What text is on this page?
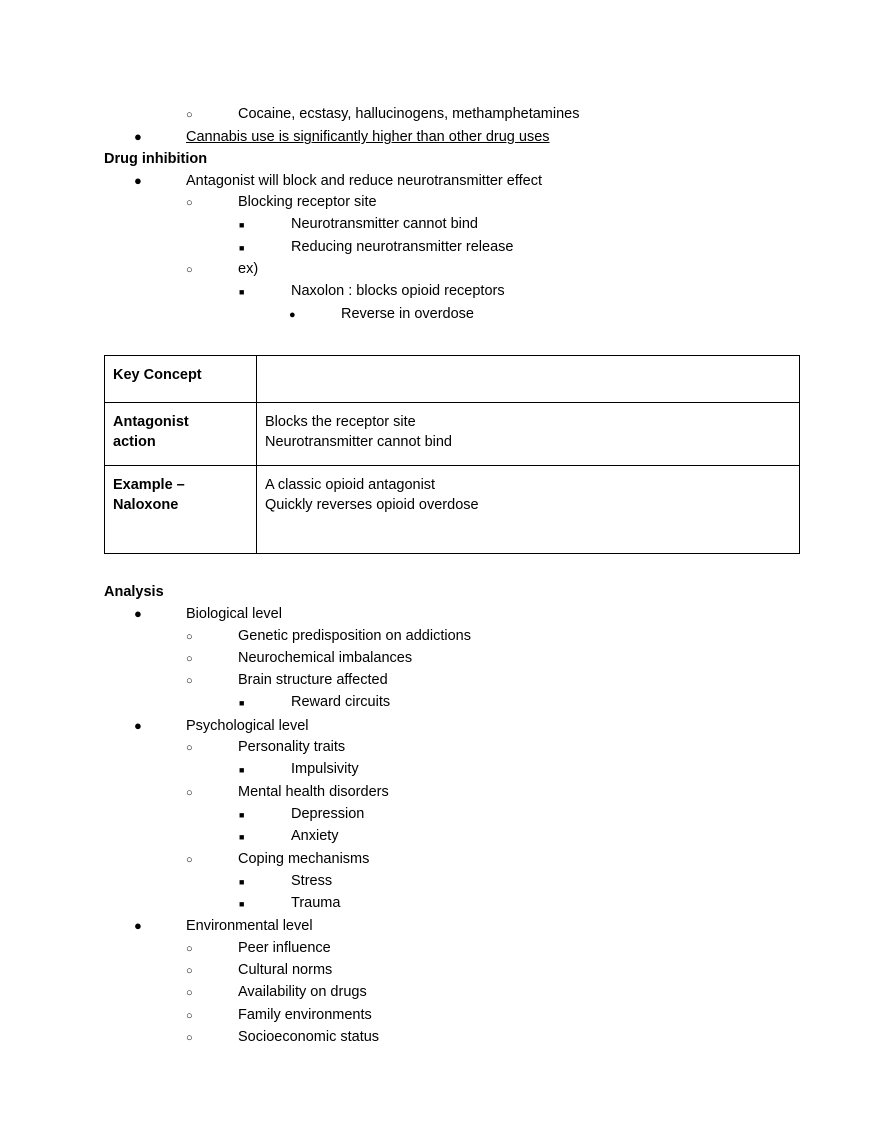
○	Cocaine, ecstasy, hallucinogens, methamphetamines
●	Cannabis use is significantly higher than other drug uses
Drug inhibition
●	Antagonist will block and reduce neurotransmitter effect
○	Blocking receptor site
■	Neurotransmitter cannot bind
■	Reducing neurotransmitter release
○	ex)
■	Naxolon : blocks opioid receptors
●	Reverse in overdose
Key Concept	

Antagonist
action	Blocks the receptor site
Neurotransmitter cannot bind

Example –
Naloxone	A classic opioid antagonist
Quickly reverses opioid overdose
Analysis
●	Biological level
○	Genetic predisposition on addictions
○	Neurochemical imbalances
○	Brain structure affected
■	Reward circuits
●	Psychological level
○	Personality traits
■	Impulsivity
○	Mental health disorders
■	Depression
■	Anxiety
○	Coping mechanisms
■	Stress
■	Trauma
●	Environmental level
○	Peer influence
○	Cultural norms
○	Availability on drugs
○	Family environments
○	Socioeconomic status
